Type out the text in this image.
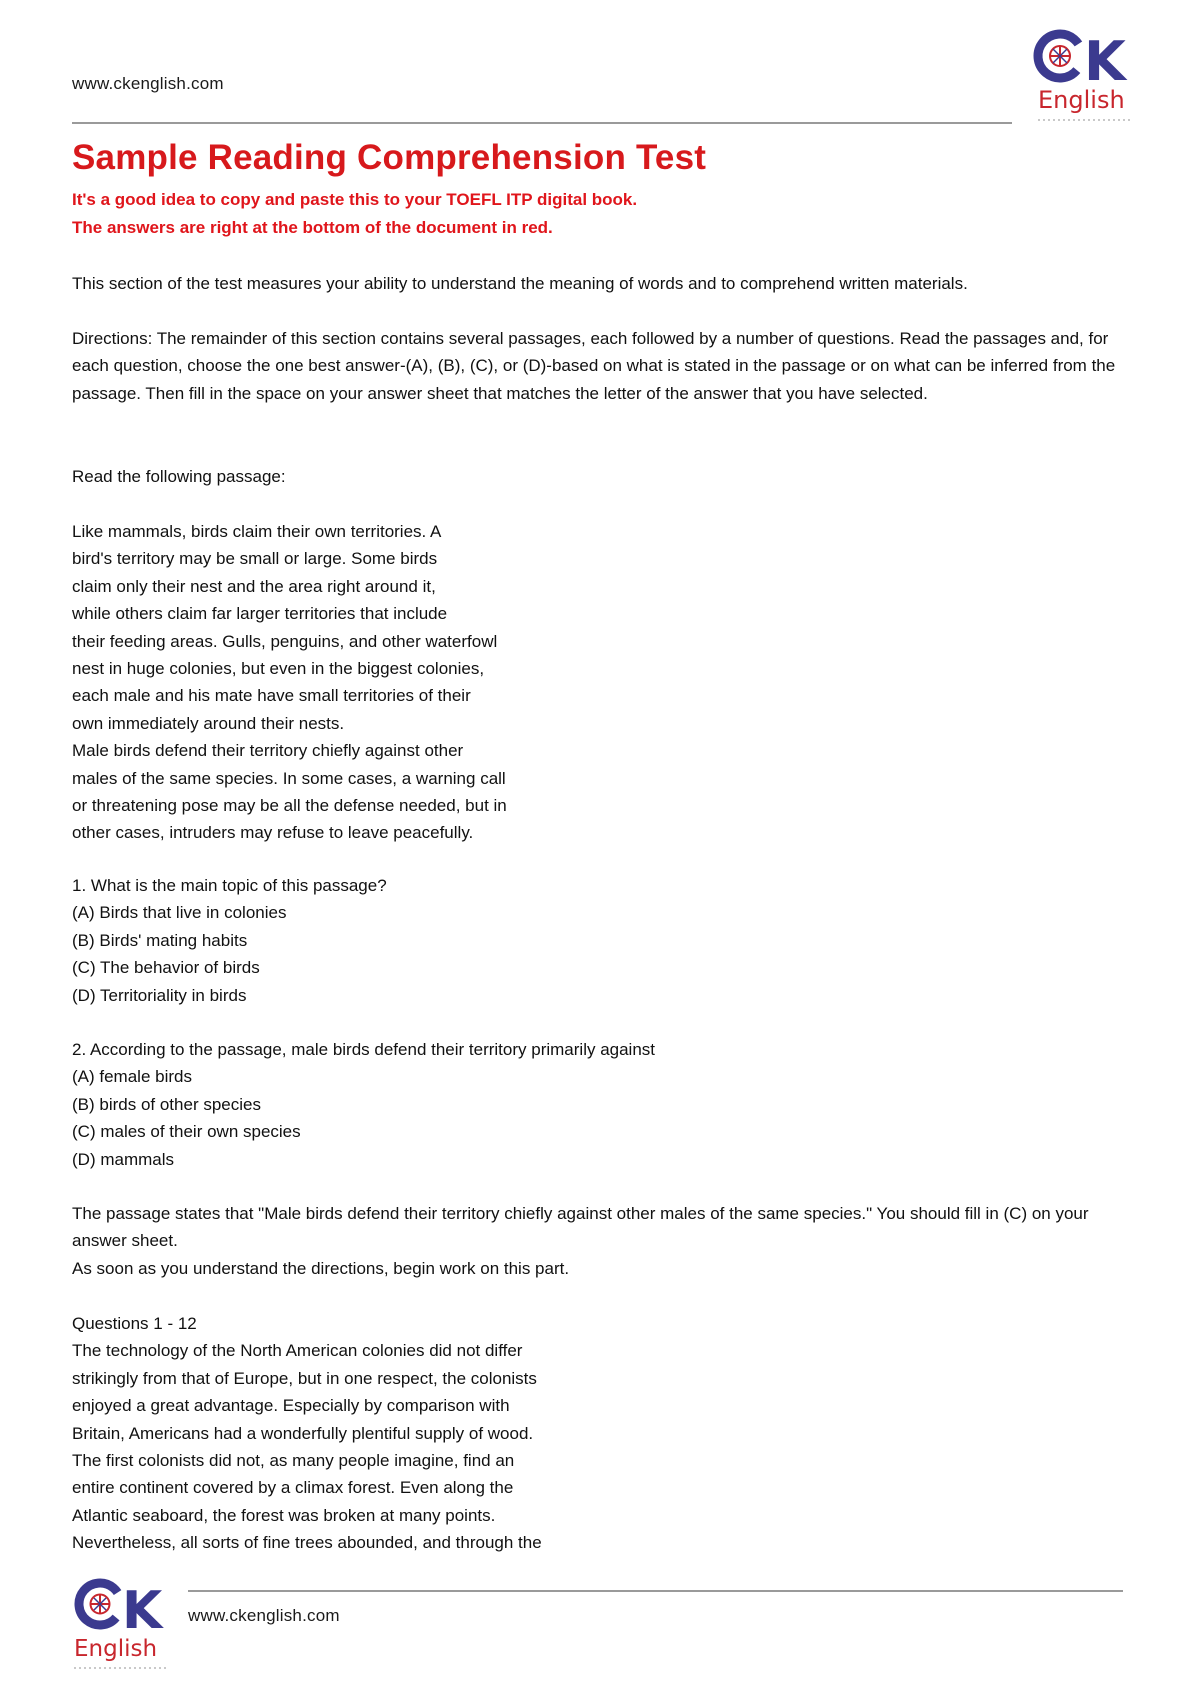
www.ckenglish.com	K
English
Sample Reading Comprehension Test
It's a good idea to copy and paste this to your TOEFL ITP digital book.
The answers are right at the bottom of the document in red.
This section of the test measures your ability to understand the meaning of words and to comprehend written materials.
Directions: The remainder of this section contains several passages, each followed by a number of questions. Read the passages and, for each question, choose the one best answer-(A), (B), (C), or (D)-based on what is stated in the passage or on what can be inferred from the passage. Then fill in the space on your answer sheet that matches the letter of the answer that you have selected.
Read the following passage:
Like mammals, birds claim their own territories. A
bird's territory may be small or large. Some birds
claim only their nest and the area right around it,
while others claim far larger territories that include
their feeding areas. Gulls, penguins, and other waterfowl
nest in huge colonies, but even in the biggest colonies,
each male and his mate have small territories of their
own immediately around their nests.
Male birds defend their territory chiefly against other
males of the same species. In some cases, a warning call
or threatening pose may be all the defense needed, but in
other cases, intruders may refuse to leave peacefully.
1. What is the main topic of this passage?
(A) Birds that live in colonies
(B) Birds' mating habits
(C) The behavior of birds
(D) Territoriality in birds
2. According to the passage, male birds defend their territory primarily against
(A) female birds
(B) birds of other species
(C) males of their own species
(D) mammals
The passage states that "Male birds defend their territory chiefly against other males of the same species." You should fill in (C) on your answer sheet.
As soon as you understand the directions, begin work on this part.
Questions 1 - 12
The technology of the North American colonies did not differ
strikingly from that of Europe, but in one respect, the colonists
enjoyed a great advantage. Especially by comparison with
Britain, Americans had a wonderfully plentiful supply of wood.
The first colonists did not, as many people imagine, find an
entire continent covered by a climax forest. Even along the
Atlantic seaboard, the forest was broken at many points.
Nevertheless, all sorts of fine trees abounded, and through the
K
English
www.ckenglish.com
